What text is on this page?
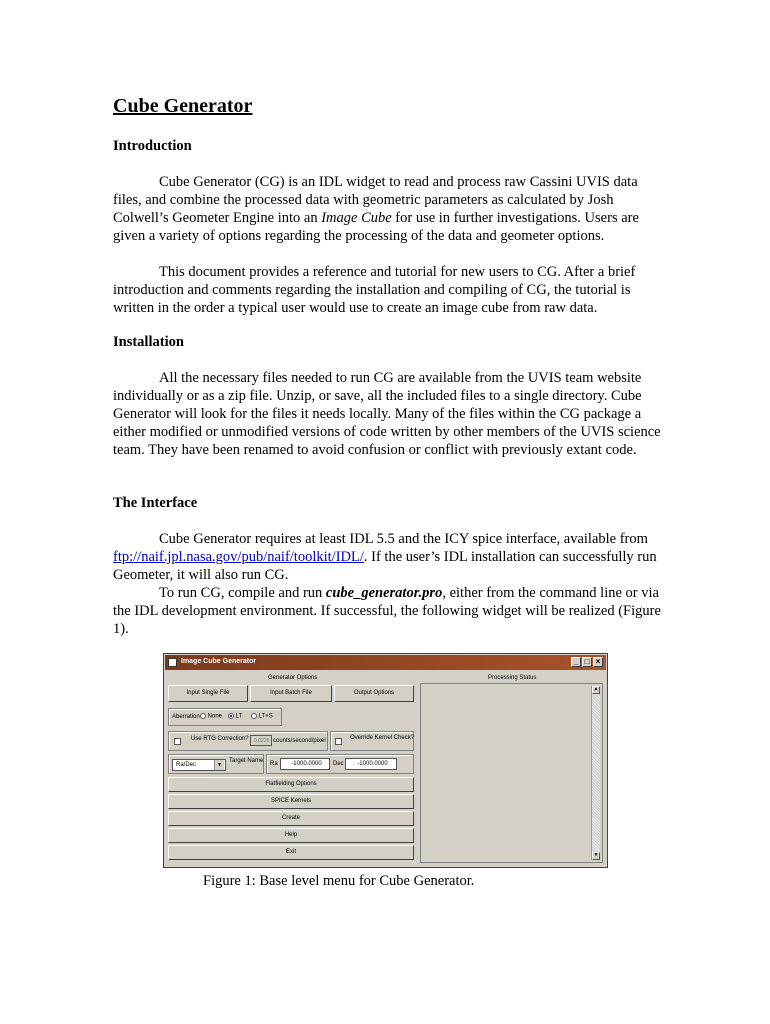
Cube Generator
Introduction

Cube Generator (CG) is an IDL widget to read and process raw Cassini UVIS data files, and combine the processed data with geometric parameters as calculated by Josh Colwell’s Geometer Engine into an Image Cube for use in further investigations. Users are given a variety of options regarding the processing of the data and geometer options.

This document provides a reference and tutorial for new users to CG. After a brief introduction and comments regarding the installation and compiling of CG, the tutorial is written in the order a typical user would use to create an image cube from raw data.

Installation

All the necessary files needed to run CG are available from the UVIS team website individually or as a zip file. Unzip, or save, all the included files to a single directory. Cube Generator will look for the files it needs locally. Many of the files within the CG package a either modified or unmodified versions of code written by other members of the UVIS science team. They have been renamed to avoid confusion or conflict with previously extant code.

The Interface

Cube Generator requires at least IDL 5.5 and the ICY spice interface, available from ftp://naif.jpl.nasa.gov/pub/naif/toolkit/IDL/. If the user’s IDL installation can successfully run Geometer, it will also run CG.

To run CG, compile and run cube_generator.pro, either from the command line or via the IDL development environment. If successful, the following widget will be realized (Figure 1).

Image Cube Generator	_ □ ×
Generator Options	Processing Status
Input Single File	Input Batch File	Output Options
Aberration	None	LT	LT+S
Use RTG Correction?	0.0228 counts/second/pixel	Override Kernel Check?
Ra/Dec	▼
Target Name Ra	-1000.0000	Dec	-1000.0000
Flatfielding Options
SPICE Kernels
Create
Help
Exit
▲
▼

Figure 1: Base level menu for Cube Generator.
